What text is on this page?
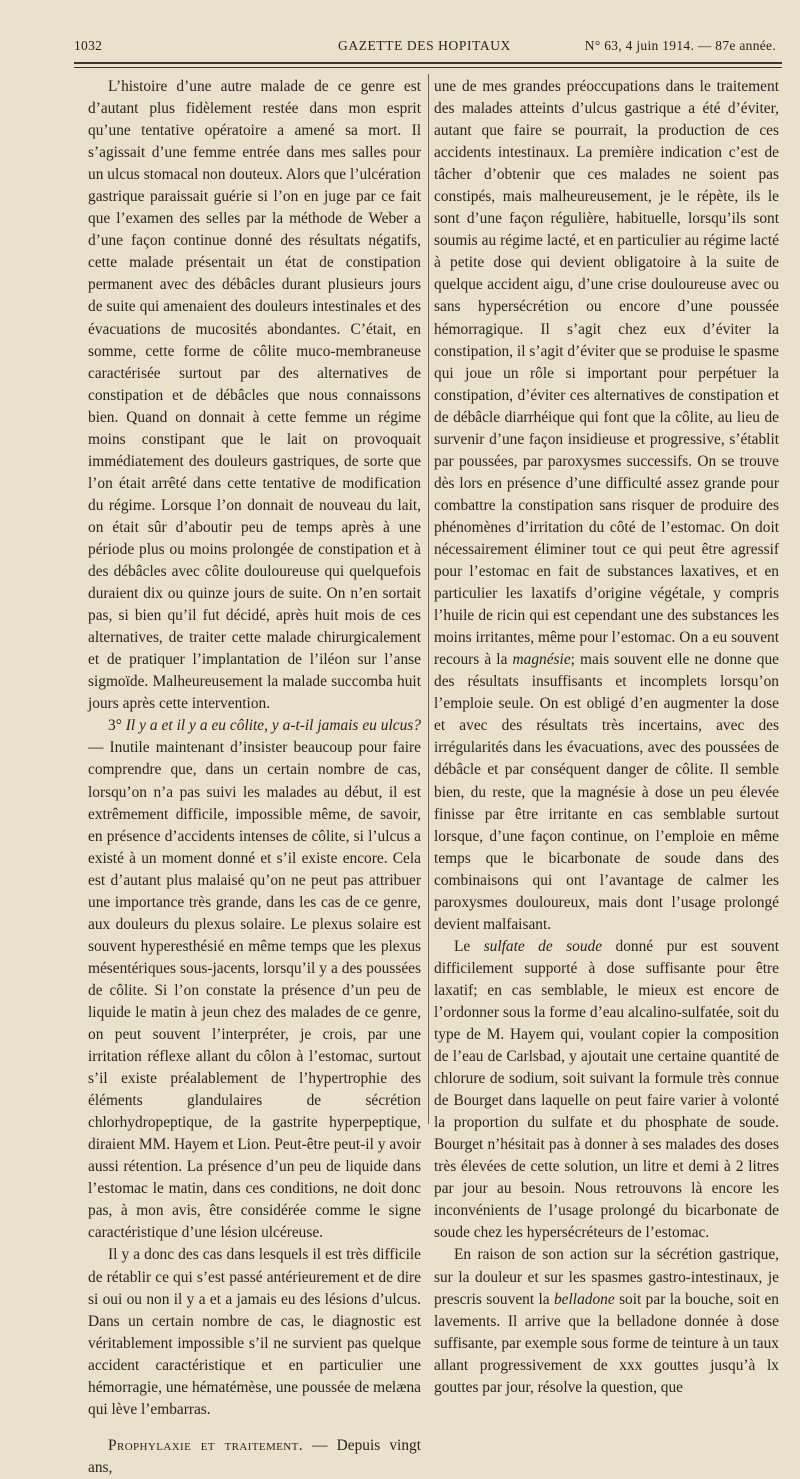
1032	GAZETTE DES HOPITAUX	N° 63, 4 juin 1914. — 87e année.

L’histoire d’une autre malade de ce genre est d’autant plus fidèlement restée dans mon esprit qu’une tentative opératoire a amené sa mort. Il s’agissait d’une femme entrée dans mes salles pour un ulcus stomacal non douteux. Alors que l’ulcération gastrique paraissait guérie si l’on en juge par ce fait que l’examen des selles par la méthode de Weber a d’une façon continue donné des résultats négatifs, cette malade présentait un état de constipation permanent avec des débâcles durant plusieurs jours de suite qui amenaient des douleurs intestinales et des évacuations de mucosités abondantes. C’était, en somme, cette forme de côlite muco-membraneuse caractérisée surtout par des alternatives de constipation et de débâcles que nous connaissons bien. Quand on donnait à cette femme un régime moins constipant que le lait on provoquait immédiatement des douleurs gastriques, de sorte que l’on était arrêté dans cette tentative de modification du régime. Lorsque l’on donnait de nouveau du lait, on était sûr d’aboutir peu de temps après à une période plus ou moins prolongée de constipation et à des débâcles avec côlite douloureuse qui quelquefois duraient dix ou quinze jours de suite. On n’en sortait pas, si bien qu’il fut décidé, après huit mois de ces alternatives, de traiter cette malade chirurgicalement et de pratiquer l’implantation de l’iléon sur l’anse sigmoïde. Malheureusement la malade succomba huit jours après cette intervention.

3° Il y a et il y a eu côlite, y a-t-il jamais eu ulcus? — Inutile maintenant d’insister beaucoup pour faire comprendre que, dans un certain nombre de cas, lorsqu’on n’a pas suivi les malades au début, il est extrêmement difficile, impossible même, de savoir, en présence d’accidents intenses de côlite, si l’ulcus a existé à un moment donné et s’il existe encore. Cela est d’autant plus malaisé qu’on ne peut pas attribuer une importance très grande, dans les cas de ce genre, aux douleurs du plexus solaire. Le plexus solaire est souvent hyperesthésié en même temps que les plexus mésentériques sous-jacents, lorsqu’il y a des poussées de côlite. Si l’on constate la présence d’un peu de liquide le matin à jeun chez des malades de ce genre, on peut souvent l’interpréter, je crois, par une irritation réflexe allant du côlon à l’estomac, surtout s’il existe préalablement de l’hypertrophie des éléments glandulaires de sécrétion chlorhydropeptique, de la gastrite hyperpeptique, diraient MM. Hayem et Lion. Peut-être peut-il y avoir aussi rétention. La présence d’un peu de liquide dans l’estomac le matin, dans ces conditions, ne doit donc pas, à mon avis, être considérée comme le signe caractéristique d’une lésion ulcéreuse.

Il y a donc des cas dans lesquels il est très difficile de rétablir ce qui s’est passé antérieurement et de dire si oui ou non il y a et a jamais eu des lésions d’ulcus. Dans un certain nombre de cas, le diagnostic est véritablement impossible s’il ne survient pas quelque accident caractéristique et en particulier une hémorragie, une hématémèse, une poussée de melæna qui lève l’embarras.

Prophylaxie et traitement. — Depuis vingt ans,

une de mes grandes préoccupations dans le traitement des malades atteints d’ulcus gastrique a été d’éviter, autant que faire se pourrait, la production de ces accidents intestinaux. La première indication c’est de tâcher d’obtenir que ces malades ne soient pas constipés, mais malheureusement, je le répète, ils le sont d’une façon régulière, habituelle, lorsqu’ils sont soumis au régime lacté, et en particulier au régime lacté à petite dose qui devient obligatoire à la suite de quelque accident aigu, d’une crise douloureuse avec ou sans hypersécrétion ou encore d’une poussée hémorragique. Il s’agit chez eux d’éviter la constipation, il s’agit d’éviter que se produise le spasme qui joue un rôle si important pour perpétuer la constipation, d’éviter ces alternatives de constipation et de débâcle diarrhéique qui font que la côlite, au lieu de survenir d’une façon insidieuse et progressive, s’établit par poussées, par paroxysmes successifs. On se trouve dès lors en présence d’une difficulté assez grande pour combattre la constipation sans risquer de produire des phénomènes d’irritation du côté de l’estomac. On doit nécessairement éliminer tout ce qui peut être agressif pour l’estomac en fait de substances laxatives, et en particulier les laxatifs d’origine végétale, y compris l’huile de ricin qui est cependant une des substances les moins irritantes, même pour l’estomac. On a eu souvent recours à la magnésie; mais souvent elle ne donne que des résultats insuffisants et incomplets lorsqu’on l’emploie seule. On est obligé d’en augmenter la dose et avec des résultats très incertains, avec des irrégularités dans les évacuations, avec des poussées de débâcle et par conséquent danger de côlite. Il semble bien, du reste, que la magnésie à dose un peu élevée finisse par être irritante en cas semblable surtout lorsque, d’une façon continue, on l’emploie en même temps que le bicarbonate de soude dans des combinaisons qui ont l’avantage de calmer les paroxysmes douloureux, mais dont l’usage prolongé devient malfaisant.

Le sulfate de soude donné pur est souvent difficilement supporté à dose suffisante pour être laxatif; en cas semblable, le mieux est encore de l’ordonner sous la forme d’eau alcalino-sulfatée, soit du type de M. Hayem qui, voulant copier la composition de l’eau de Carlsbad, y ajoutait une certaine quantité de chlorure de sodium, soit suivant la formule très connue de Bourget dans laquelle on peut faire varier à volonté la proportion du sulfate et du phosphate de soude. Bourget n’hésitait pas à donner à ses malades des doses très élevées de cette solution, un litre et demi à 2 litres par jour au besoin. Nous retrouvons là encore les inconvénients de l’usage prolongé du bicarbonate de soude chez les hypersécréteurs de l’estomac.

En raison de son action sur la sécrétion gastrique, sur la douleur et sur les spasmes gastro-intestinaux, je prescris souvent la belladone soit par la bouche, soit en lavements. Il arrive que la belladone donnée à dose suffisante, par exemple sous forme de teinture à un taux allant progressivement de xxx gouttes jusqu’à lx gouttes par jour, résolve la question, que
